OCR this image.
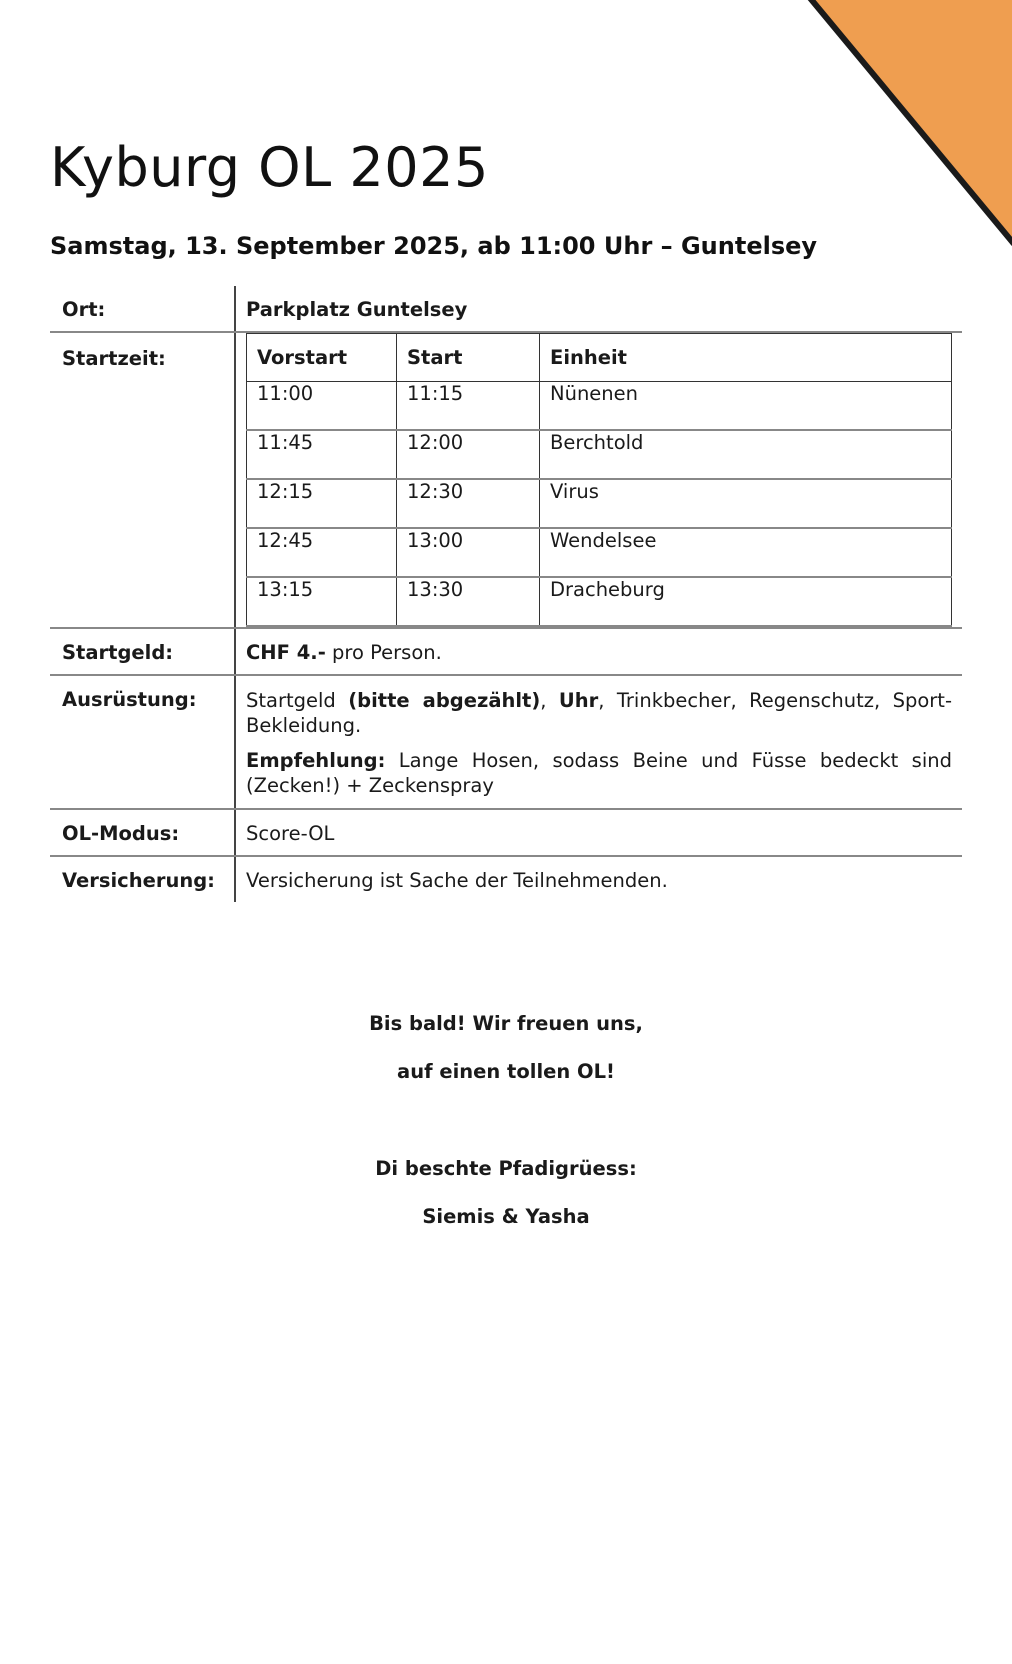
Kyburg OL 2025

Samstag, 13. September 2025, ab 11:00 Uhr – Guntelsey

Ort:	Parkplatz Guntelsey
Startzeit:		Vorstart	Start	Einheit
11:00	11:15	Nünenen
11:45	12:00	Berchtold
12:15	12:30	Virus
12:45	13:00	Wendelsee
13:15	13:30	Dracheburg

Startgeld:	CHF 4.- pro Person.
Ausrüstung:	Startgeld (bitte abgezählt), Uhr, Trinkbecher, Regenschutz, Sport-Bekleidung.

Empfehlung: Lange Hosen, sodass Beine und Füsse bedeckt sind (Zecken!) + Zeckenspray

OL-Modus:	Score-OL
Versicherung:	Versicherung ist Sache der Teilnehmenden.

Bis bald! Wir freuen uns,

auf einen tollen OL!

Di beschte Pfadigrüess:

Siemis & Yasha
